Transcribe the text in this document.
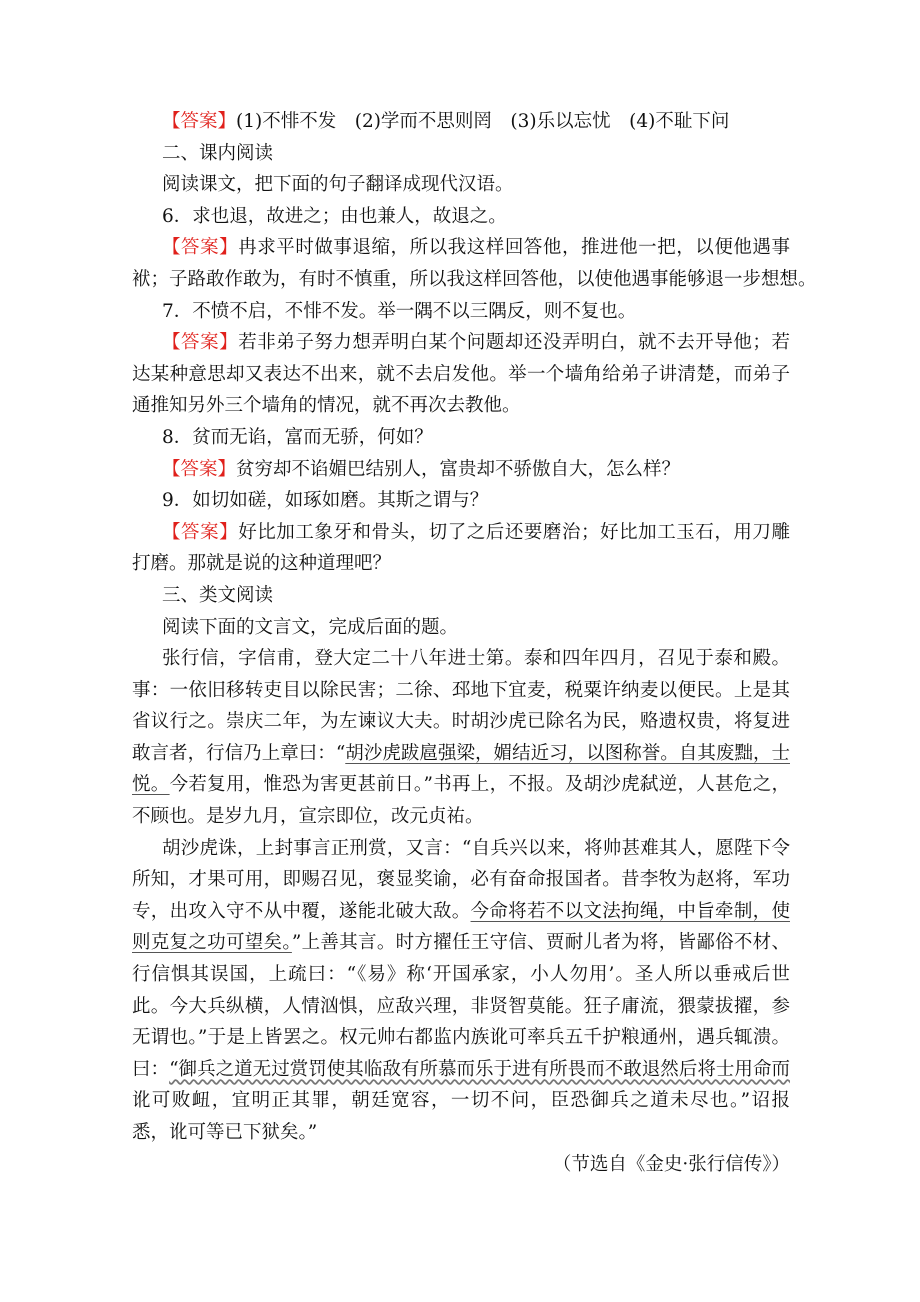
【答案】(1)不悱不发　(2)学而不思则罔　(3)乐以忘忧　(4)不耻下问
二、课内阅读
阅读课文，把下面的句子翻译成现代汉语。
6．求也退，故进之；由也兼人，故退之。
【答案】冉求平时做事退缩，所以我这样回答他，推进他一把，以便他遇事
袱；子路敢作敢为，有时不慎重，所以我这样回答他，以使他遇事能够退一步想想。
7．不愤不启，不悱不发。举一隅不以三隅反，则不复也。
【答案】若非弟子努力想弄明白某个问题却还没弄明白，就不去开导他；若
达某种意思却又表达不出来，就不去启发他。举一个墙角给弟子讲清楚，而弟子
通推知另外三个墙角的情况，就不再次去教他。
8．贫而无谄，富而无骄，何如？
【答案】贫穷却不谄媚巴结别人，富贵却不骄傲自大，怎么样？
9．如切如磋，如琢如磨。其斯之谓与？
【答案】好比加工象牙和骨头，切了之后还要磨治；好比加工玉石，用刀雕
打磨。那就是说的这种道理吧？
三、类文阅读
阅读下面的文言文，完成后面的题。
张行信，字信甫，登大定二十八年进士第。泰和四年四月，召见于泰和殿。
事：一依旧移转吏目以除民害；二徐、邳地下宜麦，税粟许纳麦以便民。上是其
省议行之。崇庆二年，为左谏议大夫。时胡沙虎已除名为民，赂遗权贵，将复进
敢言者，行信乃上章曰：“胡沙虎跋扈强梁，媚结近习，以图称誉。自其废黜，士
悦。今若复用，惟恐为害更甚前日。”书再上，不报。及胡沙虎弑逆，人甚危之，
不顾也。是岁九月，宣宗即位，改元贞祐。
胡沙虎诛，上封事言正刑赏，又言：“自兵兴以来，将帅甚难其人，愿陛下令
所知，才果可用，即赐召见，褒显奖谕，必有奋命报国者。昔李牧为赵将，军功
专，出攻入守不从中覆，遂能北破大敌。今命将若不以文法拘绳，中旨牵制，使
则克复之功可望矣。”上善其言。时方擢任王守信、贾耐儿者为将，皆鄙俗不材、
行信惧其误国，上疏曰：“《易》称‘开国承家，小人勿用’。圣人所以垂戒后世
此。今大兵纵横，人情汹惧，应敌兴理，非贤智莫能。狂子庸流，猥蒙拔擢，参
无谓也。”于是上皆罢之。权元帅右都监内族讹可率兵五千护粮通州，遇兵辄溃。
曰：“御兵之道无过赏罚使其临敌有所慕而乐于进有所畏而不敢退然后将士用命而
讹可败衄，宜明正其罪，朝廷宽容，一切不问，臣恐御兵之道未尽也。”诏报
悉，讹可等已下狱矣。”
（节选自《金史·张行信传》）
